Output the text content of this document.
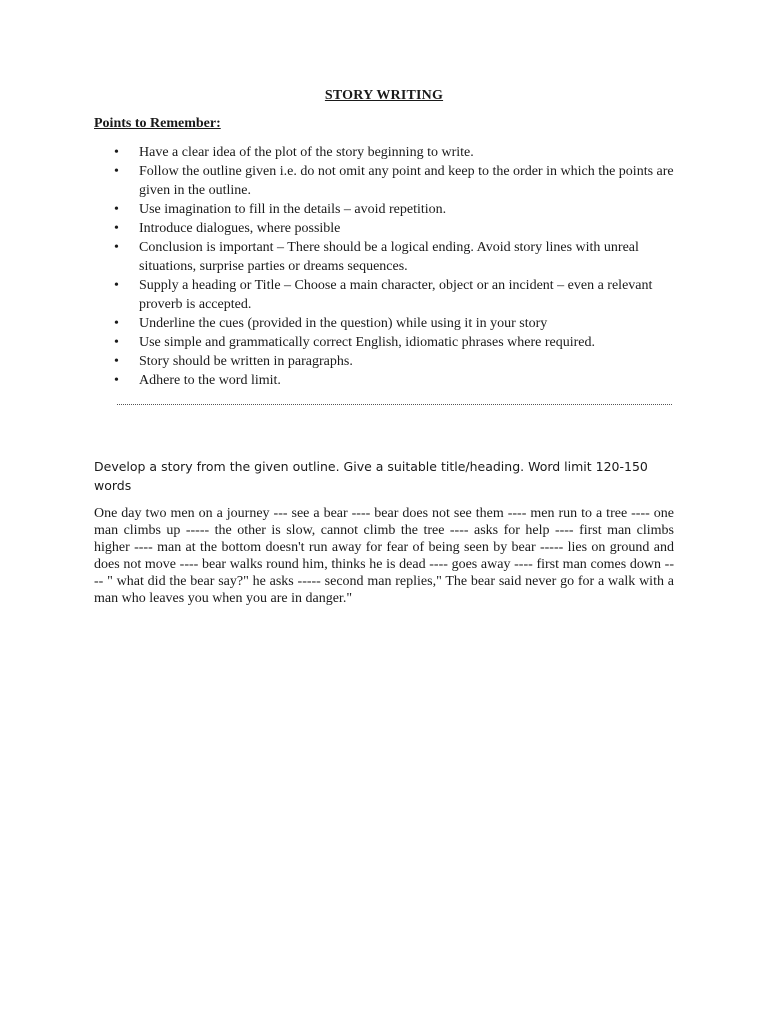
STORY WRITING
Points to Remember:
• Have a clear idea of the plot of the story beginning to write.
• Follow the outline given i.e. do not omit any point and keep to the order in which the points are given in the outline.
• Use imagination to fill in the details – avoid repetition.
• Introduce dialogues, where possible
• Conclusion is important – There should be a logical ending. Avoid story lines with unreal situations, surprise parties or dreams sequences.
• Supply a heading or Title – Choose a main character, object or an incident – even a relevant proverb is accepted.
• Underline the cues (provided in the question) while using it in your story
• Use simple and grammatically correct English, idiomatic phrases where required.
• Story should be written in paragraphs.
• Adhere to the word limit.
Develop a story from the given outline. Give a suitable title/heading. Word limit 120-150 words
One day two men on a journey --- see a bear ---- bear does not see them ---- men run to a tree ---- one man climbs up ----- the other is slow, cannot climb the tree ---- asks for help ---- first man climbs higher ---- man at the bottom doesn't run away for fear of being seen by bear ----- lies on ground and does not move ---- bear walks round him, thinks he is dead ---- goes away ---- first man comes down ---- " what did the bear say?" he asks ----- second man replies," The bear said never go for a walk with a man who leaves you when you are in danger."
